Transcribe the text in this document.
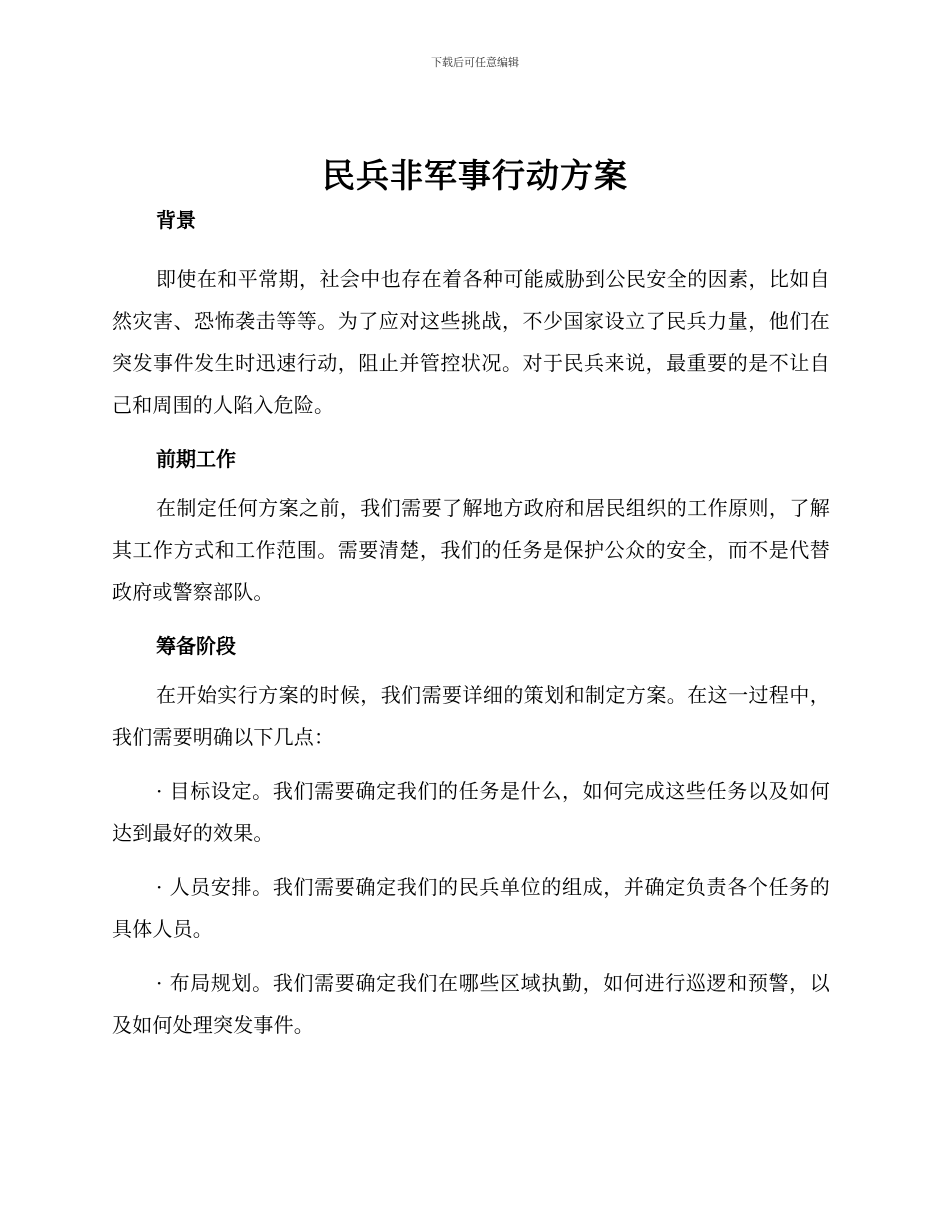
下载后可任意编辑
民兵非军事行动方案

背景

即使在和平常期，社会中也存在着各种可能威胁到公民安全的因素，比如自然灾害、恐怖袭击等等。为了应对这些挑战，不少国家设立了民兵力量，他们在突发事件发生时迅速行动，阻止并管控状况。对于民兵来说，最重要的是不让自己和周围的人陷入危险。

前期工作

在制定任何方案之前，我们需要了解地方政府和居民组织的工作原则，了解其工作方式和工作范围。需要清楚，我们的任务是保护公众的安全，而不是代替政府或警察部队。

筹备阶段

在开始实行方案的时候，我们需要详细的策划和制定方案。在这一过程中，我们需要明确以下几点：

· 目标设定。我们需要确定我们的任务是什么，如何完成这些任务以及如何达到最好的效果。

· 人员安排。我们需要确定我们的民兵单位的组成，并确定负责各个任务的具体人员。

· 布局规划。我们需要确定我们在哪些区域执勤，如何进行巡逻和预警，以及如何处理突发事件。
